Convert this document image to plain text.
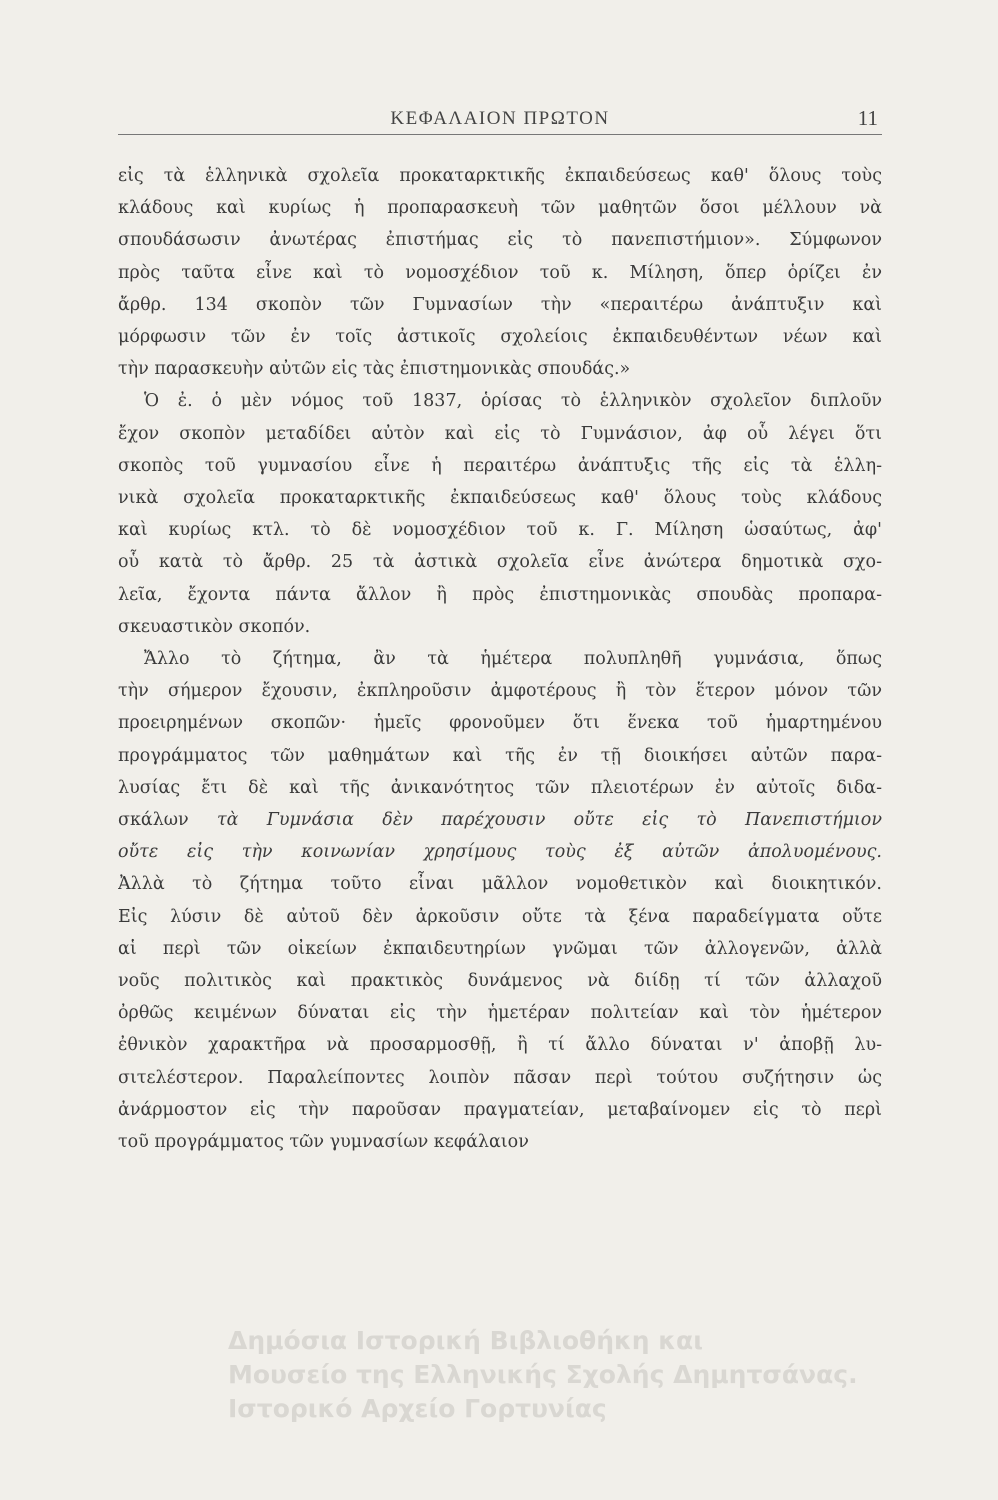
ΚΕΦΑΛΑΙΟΝ ΠΡΩΤΟΝ	11
εἰς τὰ ἑλληνικὰ σχολεῖα προκαταρκτικῆς ἐκπαιδεύσεως καθ' ὅλους τοὺς
κλάδους καὶ κυρίως ἡ προπαρασκευὴ τῶν μαθητῶν ὅσοι μέλλουν νὰ
σπουδάσωσιν ἀνωτέρας ἐπιστήμας εἰς τὸ πανεπιστήμιον». Σύμφωνον
πρὸς ταῦτα εἶνε καὶ τὸ νομοσχέδιον τοῦ κ. Μίληση, ὅπερ ὁρίζει ἐν
ἄρθρ. 134 σκοπὸν τῶν Γυμνασίων τὴν «περαιτέρω ἀνάπτυξιν καὶ
μόρφωσιν τῶν ἐν τοῖς ἀστικοῖς σχολείοις ἐκπαιδευθέντων νέων καὶ
τὴν παρασκευὴν αὐτῶν εἰς τὰς ἐπιστημονικὰς σπουδάς.»
Ὁ ἐ. ὁ μὲν νόμος τοῦ 1837, ὁρίσας τὸ ἑλληνικὸν σχολεῖον διπλοῦν
ἔχον σκοπὸν μεταδίδει αὐτὸν καὶ εἰς τὸ Γυμνάσιον, ἀφ οὗ λέγει ὅτι
σκοπὸς τοῦ γυμνασίου εἶνε ἡ περαιτέρω ἀνάπτυξις τῆς εἰς τὰ ἑλλη-
νικὰ σχολεῖα προκαταρκτικῆς ἐκπαιδεύσεως καθ' ὅλους τοὺς κλάδους
καὶ κυρίως κτλ. τὸ δὲ νομοσχέδιον τοῦ κ. Γ. Μίληση ὡσαύτως, ἀφ'
οὗ κατὰ τὸ ἄρθρ. 25 τὰ ἀστικὰ σχολεῖα εἶνε ἀνώτερα δημοτικὰ σχο-
λεῖα, ἔχοντα πάντα ἄλλον ἢ πρὸς ἐπιστημονικὰς σπουδὰς προπαρα-
σκευαστικὸν σκοπόν.
Ἄλλο τὸ ζήτημα, ἂν τὰ ἡμέτερα πολυπληθῆ γυμνάσια, ὅπως
τὴν σήμερον ἔχουσιν, ἐκπληροῦσιν ἀμφοτέρους ἢ τὸν ἕτερον μόνον τῶν
προειρημένων σκοπῶν· ἡμεῖς φρονοῦμεν ὅτι ἕνεκα τοῦ ἡμαρτημένου
προγράμματος τῶν μαθημάτων καὶ τῆς ἐν τῇ διοικήσει αὐτῶν παρα-
λυσίας ἔτι δὲ καὶ τῆς ἀνικανότητος τῶν πλειοτέρων ἐν αὐτοῖς διδα-
σκάλων τὰ Γυμνάσια δὲν παρέχουσιν οὔτε εἰς τὸ Πανεπιστήμιον
οὔτε εἰς τὴν κοινωνίαν χρησίμους τοὺς ἐξ αὐτῶν ἀπολυομένους.
Ἀλλὰ τὸ ζήτημα τοῦτο εἶναι μᾶλλον νομοθετικὸν καὶ διοικητικόν.
Εἰς λύσιν δὲ αὐτοῦ δὲν ἀρκοῦσιν οὔτε τὰ ξένα παραδείγματα οὔτε
αἱ περὶ τῶν οἰκείων ἐκπαιδευτηρίων γνῶμαι τῶν ἀλλογενῶν, ἀλλὰ
νοῦς πολιτικὸς καὶ πρακτικὸς δυνάμενος νὰ διίδῃ τί τῶν ἀλλαχοῦ
ὀρθῶς κειμένων δύναται εἰς τὴν ἡμετέραν πολιτείαν καὶ τὸν ἡμέτερον
ἐθνικὸν χαρακτῆρα νὰ προσαρμοσθῇ, ἢ τί ἄλλο δύναται ν' ἀποβῇ λυ-
σιτελέστερον. Παραλείποντες λοιπὸν πᾶσαν περὶ τούτου συζήτησιν ὡς
ἀνάρμοστον εἰς τὴν παροῦσαν πραγματείαν, μεταβαίνομεν εἰς τὸ περὶ
τοῦ προγράμματος τῶν γυμνασίων κεφάλαιον
Δημόσια Ιστορική Βιβλιοθήκη και
Μουσείο της Ελληνικής Σχολής Δημητσάνας.
Ιστορικό Αρχείο Γορτυνίας
